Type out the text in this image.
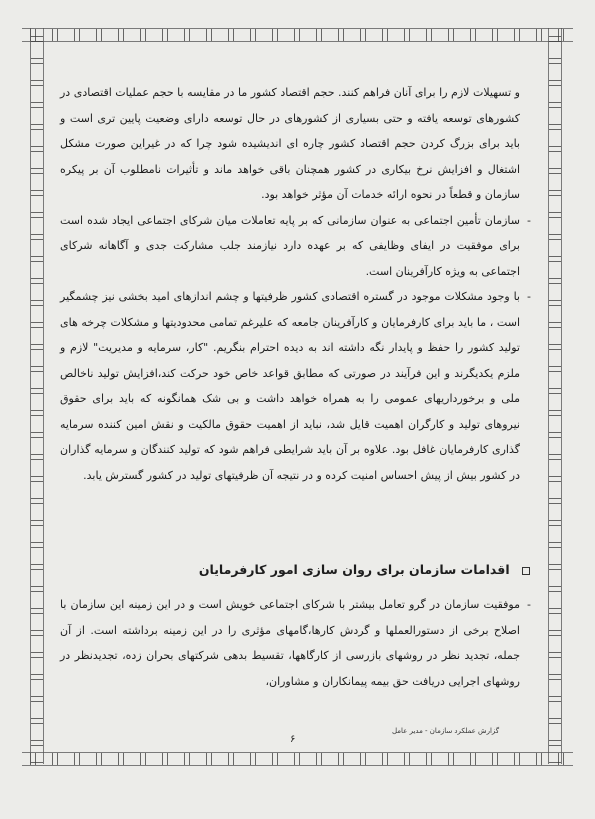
و تسهیلات لازم را برای آنان فراهم کنند. حجم اقتصاد کشور ما در مقایسه با حجم عملیات اقتصادی در کشورهای توسعه یافته و حتی بسیاری از کشورهای در حال توسعه دارای وضعیت پایین تری است و باید برای بزرگ کردن حجم اقتصاد کشور چاره ای اندیشیده شود چرا که در غیراین صورت مشکل اشتغال و افزایش نرخ بیکاری در کشور همچنان باقی خواهد ماند و تأثیرات نامطلوب آن بر پیکره سازمان و قطعاً در نحوه ارائه خدمات آن مؤثر خواهد بود.

- سازمان تأمین اجتماعی به عنوان سازمانی که بر پایه تعاملات میان شرکای اجتماعی ایجاد شده است برای موفقیت در ایفای وظایفی که بر عهده دارد نیازمند جلب مشارکت جدی و آگاهانه شرکای اجتماعی به ویژه کارآفرینان است.

- با وجود مشکلات موجود در گستره اقتصادی کشور ظرفیتها و چشم اندازهای امید بخشی نیز چشمگیر است ، ما باید برای کارفرمایان و کارآفرینان جامعه که علیرغم تمامی محدودیتها و مشکلات چرخه های تولید کشور را حفظ و پایدار نگه داشته اند به دیده احترام بنگریم. "کار، سرمایه و مدیریت" لازم و ملزم یکدیگرند و این فرآیند در صورتی که مطابق قواعد خاص خود حرکت کند،افزایش تولید ناخالص ملی و برخورداریهای عمومی را به همراه خواهد داشت و بی شک همانگونه که باید برای حقوق نیروهای تولید و کارگران اهمیت قایل شد، نباید از اهمیت حقوق مالکیت و نقش امین کننده سرمایه گذاری کارفرمایان غافل بود. علاوه بر آن باید شرایطی فراهم شود که تولید کنندگان و سرمایه گذاران در کشور بیش از پیش احساس امنیت کرده و در نتیجه آن ظرفیتهای تولید در کشور گسترش یابد.

اقدامات سازمان برای روان سازی امور کارفرمایان

- موفقیت سازمان در گرو تعامل بیشتر با شرکای اجتماعی خویش است و در این زمینه این سازمان با اصلاح برخی از دستورالعملها و گردش کارها،گامهای مؤثری را در این زمینه برداشته است. از آن جمله، تجدید نظر در روشهای بازرسی از کارگاهها، تقسیط بدهی شرکتهای بحران زده، تجدیدنظر در روشهای اجرایی دریافت حق بیمه پیمانکاران و مشاوران،

گزارش عملکرد سازمان - مدیر عامل
۶
